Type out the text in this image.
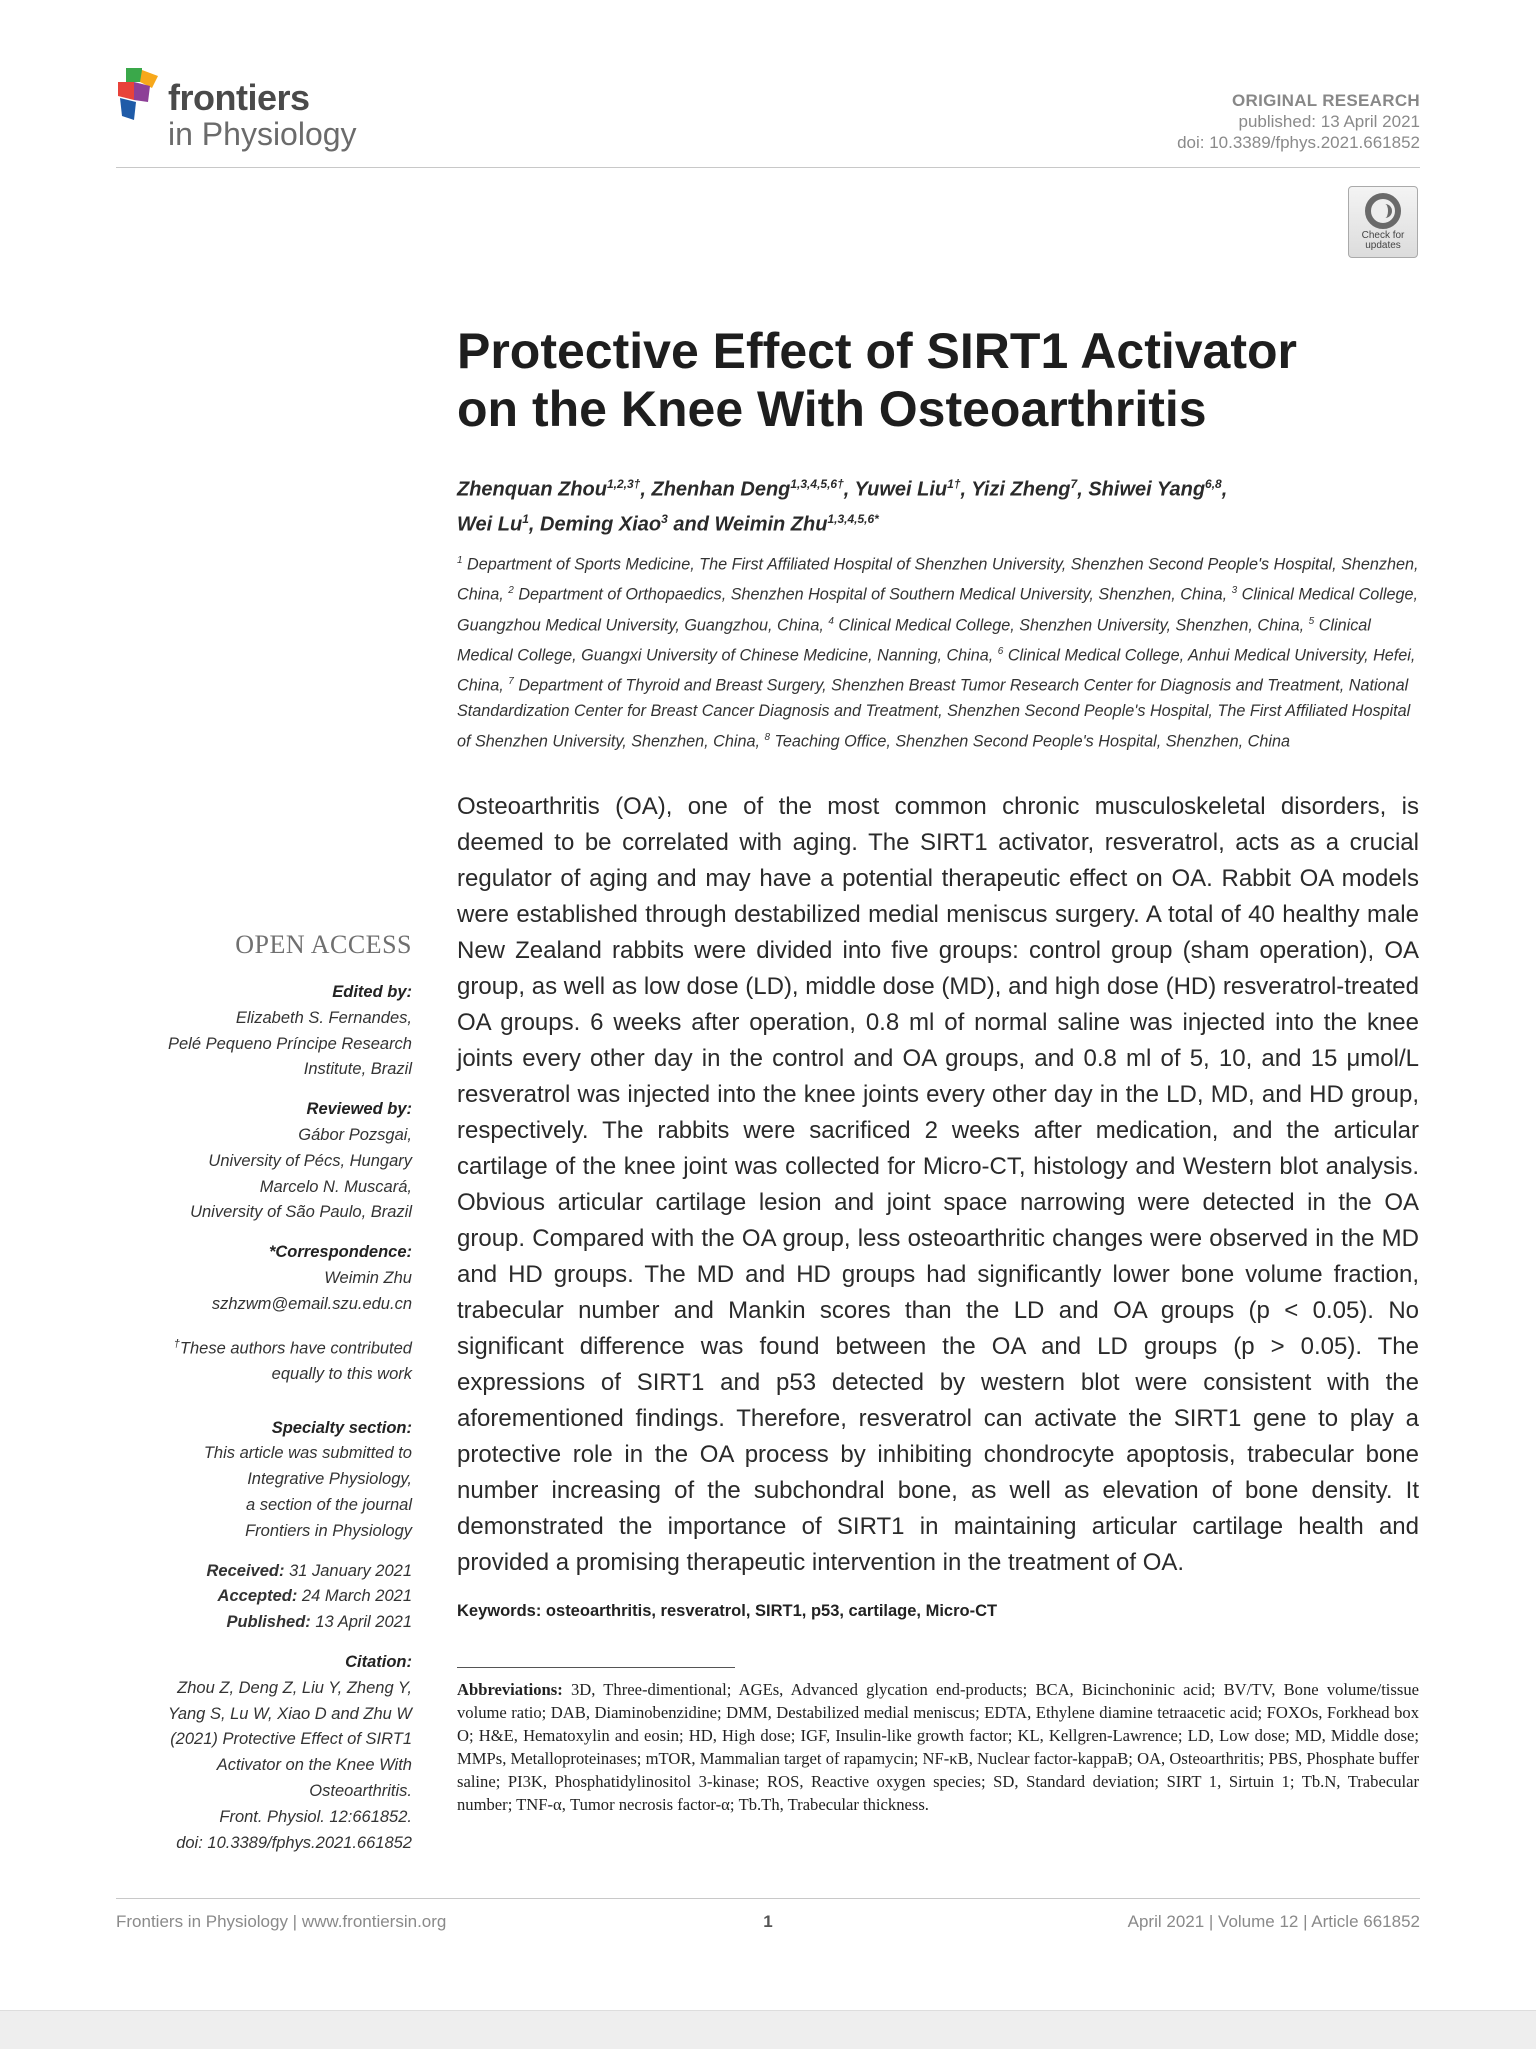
frontiers
in Physiology
ORIGINAL RESEARCH
published: 13 April 2021
doi: 10.3389/fphys.2021.661852
Check for updates
Protective Effect of SIRT1 Activator
on the Knee With Osteoarthritis

Zhenquan Zhou$^{1,2,3\dagger}$, Zhenhan Deng$^{1,3,4,5,6\dagger}$, Yuwei Liu$^{1\dagger}$, Yizi Zheng$^7$, Shiwei Yang$^{6,8}$,
Wei Lu$^1$, Deming Xiao$^3$ and Weimin Zhu$^{1,3,4,5,6*}$

$^1$ Department of Sports Medicine, The First Affiliated Hospital of Shenzhen University, Shenzhen Second People's Hospital, Shenzhen, China, $^2$ Department of Orthopaedics, Shenzhen Hospital of Southern Medical University, Shenzhen, China, $^3$ Clinical Medical College, Guangzhou Medical University, Guangzhou, China, $^4$ Clinical Medical College, Shenzhen University, Shenzhen, China, $^5$ Clinical Medical College, Guangxi University of Chinese Medicine, Nanning, China, $^6$ Clinical Medical College, Anhui Medical University, Hefei, China, $^7$ Department of Thyroid and Breast Surgery, Shenzhen Breast Tumor Research Center for Diagnosis and Treatment, National Standardization Center for Breast Cancer Diagnosis and Treatment, Shenzhen Second People's Hospital, The First Affiliated Hospital of Shenzhen University, Shenzhen, China, $^8$ Teaching Office, Shenzhen Second People's Hospital, Shenzhen, China

OPEN ACCESS
Edited by:
Elizabeth S. Fernandes,
Pelé Pequeno Príncipe Research
Institute, Brazil
Reviewed by:
Gábor Pozsgai,
University of Pécs, Hungary
Marcelo N. Muscará,
University of São Paulo, Brazil
*Correspondence:
Weimin Zhu
szhzwm@email.szu.edu.cn
†These authors have contributed
equally to this work
Specialty section:
This article was submitted to
Integrative Physiology,
a section of the journal
Frontiers in Physiology
Received: 31 January 2021
Accepted: 24 March 2021
Published: 13 April 2021
Citation:
Zhou Z, Deng Z, Liu Y, Zheng Y,
Yang S, Lu W, Xiao D and Zhu W
(2021) Protective Effect of SIRT1
Activator on the Knee With
Osteoarthritis.
Front. Physiol. 12:661852.
doi: 10.3389/fphys.2021.661852

Osteoarthritis (OA), one of the most common chronic musculoskeletal disorders, is deemed to be correlated with aging. The SIRT1 activator, resveratrol, acts as a crucial regulator of aging and may have a potential therapeutic effect on OA. Rabbit OA models were established through destabilized medial meniscus surgery. A total of 40 healthy male New Zealand rabbits were divided into five groups: control group (sham operation), OA group, as well as low dose (LD), middle dose (MD), and high dose (HD) resveratrol-treated OA groups. 6 weeks after operation, 0.8 ml of normal saline was injected into the knee joints every other day in the control and OA groups, and 0.8 ml of 5, 10, and 15 μmol/L resveratrol was injected into the knee joints every other day in the LD, MD, and HD group, respectively. The rabbits were sacrificed 2 weeks after medication, and the articular cartilage of the knee joint was collected for Micro-CT, histology and Western blot analysis. Obvious articular cartilage lesion and joint space narrowing were detected in the OA group. Compared with the OA group, less osteoarthritic changes were observed in the MD and HD groups. The MD and HD groups had significantly lower bone volume fraction, trabecular number and Mankin scores than the LD and OA groups (p < 0.05). No significant difference was found between the OA and LD groups (p > 0.05). The expressions of SIRT1 and p53 detected by western blot were consistent with the aforementioned findings. Therefore, resveratrol can activate the SIRT1 gene to play a protective role in the OA process by inhibiting chondrocyte apoptosis, trabecular bone number increasing of the subchondral bone, as well as elevation of bone density. It demonstrated the importance of SIRT1 in maintaining articular cartilage health and provided a promising therapeutic intervention in the treatment of OA.

Keywords: osteoarthritis, resveratrol, SIRT1, p53, cartilage, Micro-CT

Abbreviations: 3D, Three-dimentional; AGEs, Advanced glycation end-products; BCA, Bicinchoninic acid; BV/TV, Bone volume/tissue volume ratio; DAB, Diaminobenzidine; DMM, Destabilized medial meniscus; EDTA, Ethylene diamine tetraacetic acid; FOXOs, Forkhead box O; H&E, Hematoxylin and eosin; HD, High dose; IGF, Insulin-like growth factor; KL, Kellgren-Lawrence; LD, Low dose; MD, Middle dose; MMPs, Metalloproteinases; mTOR, Mammalian target of rapamycin; NF-κB, Nuclear factor-kappaB; OA, Osteoarthritis; PBS, Phosphate buffer saline; PI3K, Phosphatidylinositol 3-kinase; ROS, Reactive oxygen species; SD, Standard deviation; SIRT 1, Sirtuin 1; Tb.N, Trabecular number; TNF-α, Tumor necrosis factor-α; Tb.Th, Trabecular thickness.

Frontiers in Physiology | www.frontiersin.org	1	April 2021 | Volume 12 | Article 661852
